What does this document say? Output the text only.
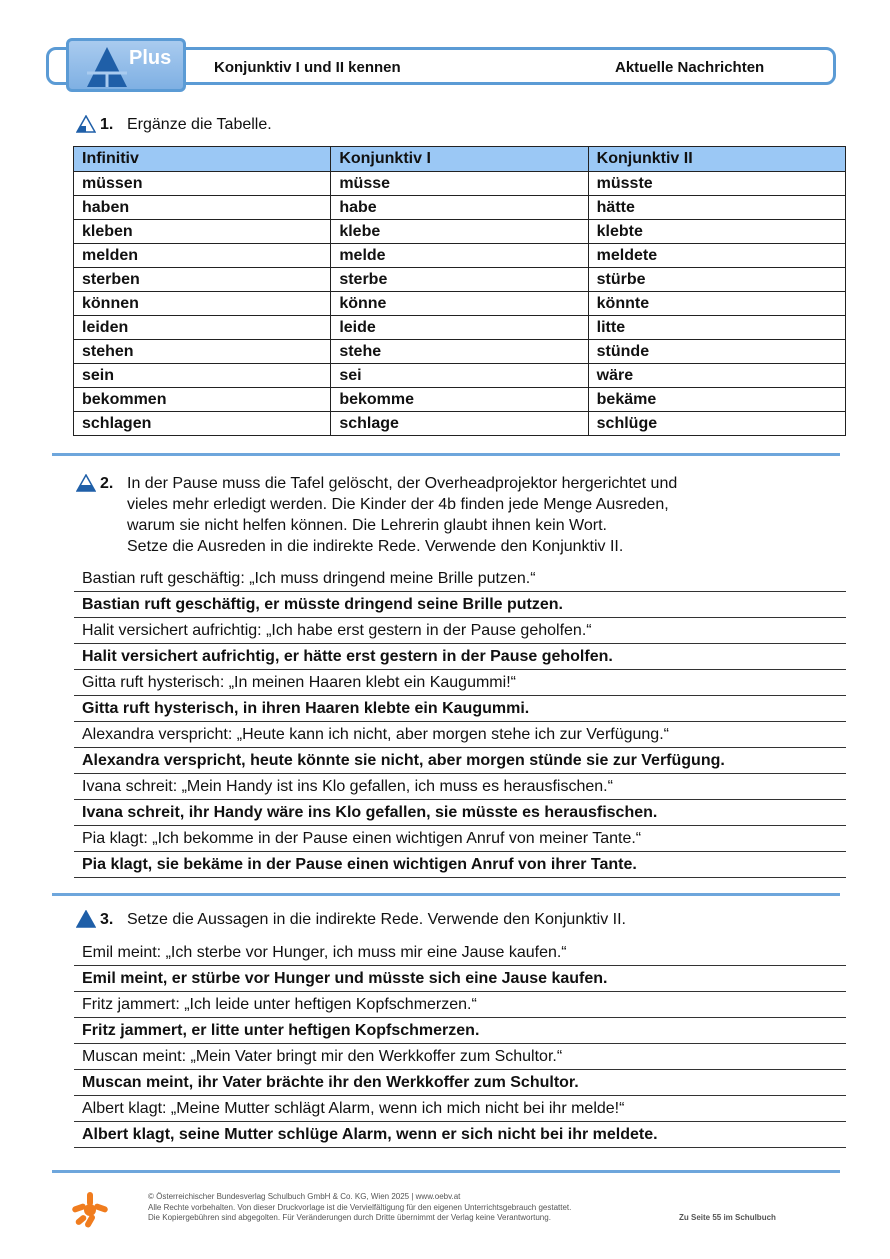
Plus	Konjunktiv I und II kennen	Aktuelle Nachrichten
1. Ergänze die Tabelle.
Infinitiv	Konjunktiv I	Konjunktiv II
müssen	müsse	müsste
haben	habe	hätte
kleben	klebe	klebte
melden	melde	meldete
sterben	sterbe	stürbe
können	könne	könnte
leiden	leide	litte
stehen	stehe	stünde
sein	sei	wäre
bekommen	bekomme	bekäme
schlagen	schlage	schlüge
2. In der Pause muss die Tafel gelöscht, der Overheadprojektor hergerichtet und
vieles mehr erledigt werden. Die Kinder der 4b finden jede Menge Ausreden,
warum sie nicht helfen können. Die Lehrerin glaubt ihnen kein Wort.
Setze die Ausreden in die indirekte Rede. Verwende den Konjunktiv II.
Bastian ruft geschäftig: „Ich muss dringend meine Brille putzen.“
Bastian ruft geschäftig, er müsste dringend seine Brille putzen.
Halit versichert aufrichtig: „Ich habe erst gestern in der Pause geholfen.“
Halit versichert aufrichtig, er hätte erst gestern in der Pause geholfen.
Gitta ruft hysterisch: „In meinen Haaren klebt ein Kaugummi!“
Gitta ruft hysterisch, in ihren Haaren klebte ein Kaugummi.
Alexandra verspricht: „Heute kann ich nicht, aber morgen stehe ich zur Verfügung.“
Alexandra verspricht, heute könnte sie nicht, aber morgen stünde sie zur Verfügung.
Ivana schreit: „Mein Handy ist ins Klo gefallen, ich muss es herausfischen.“
Ivana schreit, ihr Handy wäre ins Klo gefallen, sie müsste es herausfischen.
Pia klagt: „Ich bekomme in der Pause einen wichtigen Anruf von meiner Tante.“
Pia klagt, sie bekäme in der Pause einen wichtigen Anruf von ihrer Tante.
3. Setze die Aussagen in die indirekte Rede. Verwende den Konjunktiv II.
Emil meint: „Ich sterbe vor Hunger, ich muss mir eine Jause kaufen.“
Emil meint, er stürbe vor Hunger und müsste sich eine Jause kaufen.
Fritz jammert: „Ich leide unter heftigen Kopfschmerzen.“
Fritz jammert, er litte unter heftigen Kopfschmerzen.
Muscan meint: „Mein Vater bringt mir den Werkkoffer zum Schultor.“
Muscan meint, ihr Vater brächte ihr den Werkkoffer zum Schultor.
Albert klagt: „Meine Mutter schlägt Alarm, wenn ich mich nicht bei ihr melde!“
Albert klagt, seine Mutter schlüge Alarm, wenn er sich nicht bei ihr meldete.
© Österreichischer Bundesverlag Schulbuch GmbH & Co. KG, Wien 2025 | www.oebv.at
Alle Rechte vorbehalten. Von dieser Druckvorlage ist die Vervielfältigung für den eigenen Unterrichtsgebrauch gestattet.
Die Kopiergebühren sind abgegolten. Für Veränderungen durch Dritte übernimmt der Verlag keine Verantwortung.	Zu Seite 55 im Schulbuch
